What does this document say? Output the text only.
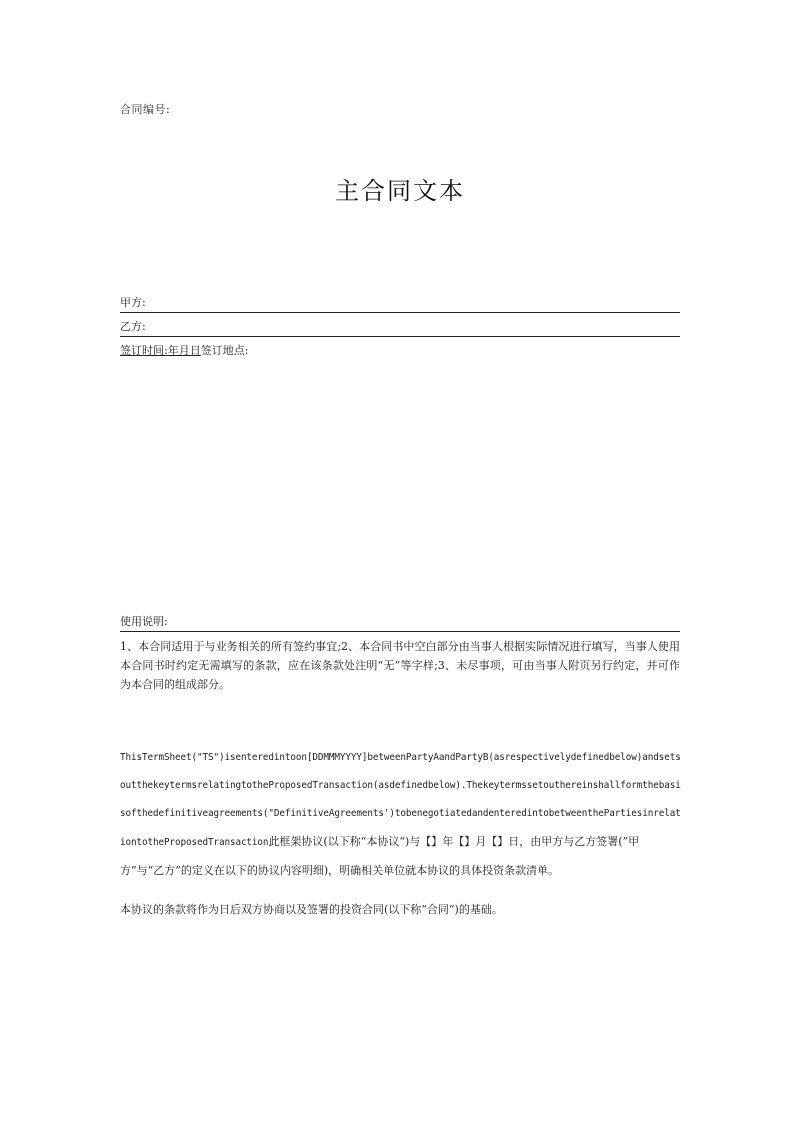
合同编号:
主合同文本
甲方:
乙方:
签订时间:年月日签订地点:
使用说明:
1、本合同适用于与业务相关的所有签约事宜;2、本合同书中空白部分由当事人根据实际情况进行填写，当事人使用本合同书时约定无需填写的条款，应在该条款处注明“无”等字样;3、未尽事项，可由当事人附页另行约定，并可作为本合同的组成部分。
ThisTermSheet("TS")isenteredintoon[DDMMMYYYY]betweenPartyAandPartyB(asrespectivelydefinedbelow)andsetsoutthekeytermsrelatingtotheProposedTransaction(asdefinedbelow).Thekeytermssetouthereinshallformthebasisofthedefinitiveagreements("DefinitiveAgreements')tobenegotiatedandenteredintobetweenthePartiesinrelationtotheProposedTransaction此框架协议(以下称“本协议“)与【】年【】月【】日，由甲方与乙方签署(”甲方”与“乙方”的定义在以下的协议内容明细)，明确相关单位就本协议的具体投资条款清单。
本协议的条款将作为日后双方协商以及签署的投资合同(以下称“合同“)的基础。
